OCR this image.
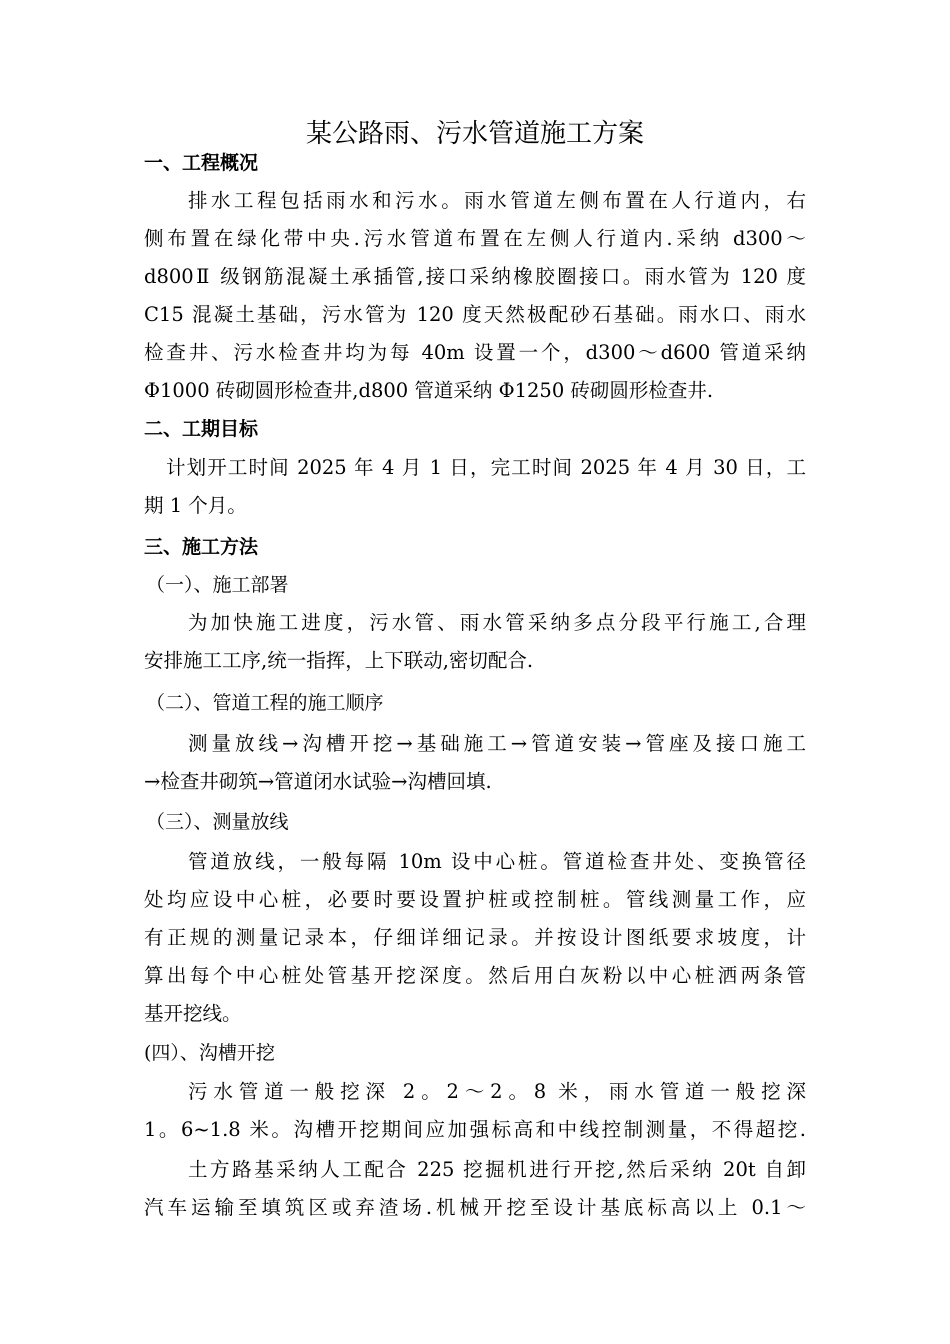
某公路雨、污水管道施工方案
一、工程概况
排水工程包括雨水和污水。雨水管道左侧布置在人行道内，右
侧布置在绿化带中央.污水管道布置在左侧人行道内.采纳 d300～
d800Ⅱ 级钢筋混凝土承插管,接口采纳橡胶圈接口。雨水管为 120 度
C15 混凝土基础，污水管为 120 度天然极配砂石基础。雨水口、雨水
检查井、污水检查井均为每 40m 设置一个，d300～d600 管道采纳
Φ1000 砖砌圆形检查井,d800 管道采纳 Φ1250 砖砌圆形检查井.
二、工期目标
计划开工时间 2025 年 4 月 1 日，完工时间 2025 年 4 月 30 日，工
期 1 个月。
三、施工方法
（一）、施工部署
为加快施工进度，污水管、雨水管采纳多点分段平行施工,合理
安排施工工序,统一指挥，上下联动,密切配合.
（二）、管道工程的施工顺序
测量放线→沟槽开挖→基础施工→管道安装→管座及接口施工
→检查井砌筑→管道闭水试验→沟槽回填.
（三）、测量放线
管道放线，一般每隔 10m 设中心桩。管道检查井处、变换管径
处均应设中心桩，必要时要设置护桩或控制桩。管线测量工作，应
有正规的测量记录本，仔细详细记录。并按设计图纸要求坡度，计
算出每个中心桩处管基开挖深度。然后用白灰粉以中心桩洒两条管
基开挖线。
(四）、沟槽开挖
污水管道一般挖深 2。2～2。8 米，雨水管道一般挖深
1。6~1.8 米。沟槽开挖期间应加强标高和中线控制测量，不得超挖.
土方路基采纳人工配合 225 挖掘机进行开挖,然后采纳 20t 自卸
汽车运输至填筑区或弃渣场.机械开挖至设计基底标高以上 0.1～
